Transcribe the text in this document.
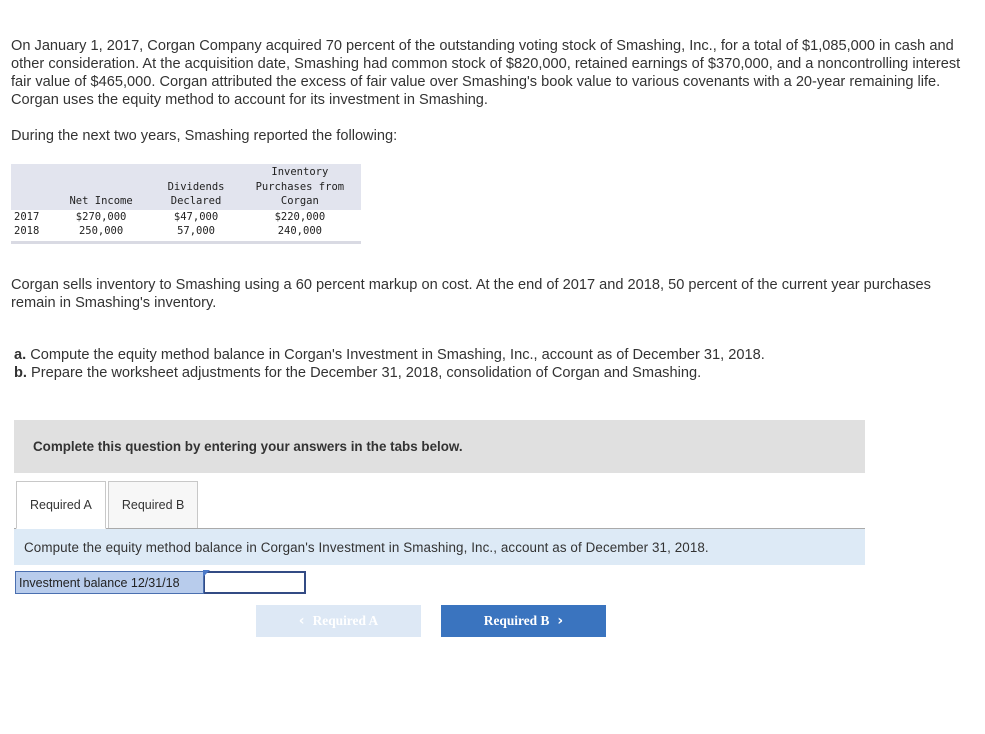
On January 1, 2017, Corgan Company acquired 70 percent of the outstanding voting stock of Smashing, Inc., for a total of $1,085,000 in cash and other consideration. At the acquisition date, Smashing had common stock of $820,000, retained earnings of $370,000, and a noncontrolling interest fair value of $465,000. Corgan attributed the excess of fair value over Smashing's book value to various covenants with a 20-year remaining life. Corgan uses the equity method to account for its investment in Smashing.

During the next two years, Smashing reported the following:

	Net Income	Dividends Declared	Inventory Purchases from Corgan
2017	$270,000	$47,000	$220,000
2018	250,000	57,000	240,000

Corgan sells inventory to Smashing using a 60 percent markup on cost. At the end of 2017 and 2018, 50 percent of the current year purchases remain in Smashing's inventory.

a. Compute the equity method balance in Corgan's Investment in Smashing, Inc., account as of December 31, 2018.
b. Prepare the worksheet adjustments for the December 31, 2018, consolidation of Corgan and Smashing.
Complete this question by entering your answers in the tabs below.
Required A	Required B
Compute the equity method balance in Corgan's Investment in Smashing, Inc., account as of December 31, 2018.
Investment balance 12/31/18
‹ Required A	Required B ›
